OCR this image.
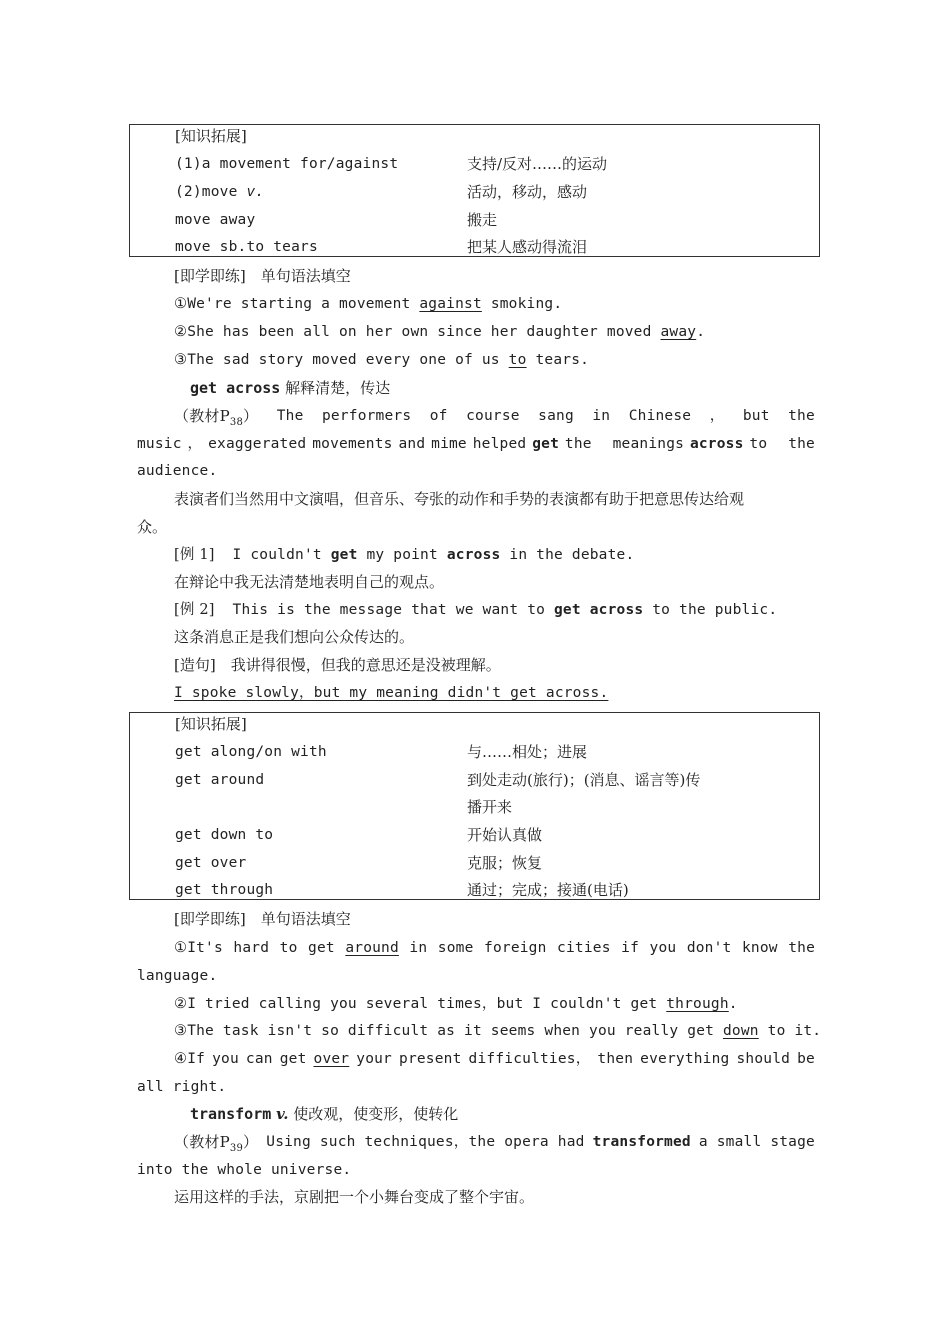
[知识拓展]
(1)a movement for/against	支持/反对……的运动
(2)move v.	活动，移动，感动
move away	搬走
move sb.to tears	把某人感动得流泪
[即学即练]　单句语法填空
①We're starting a movement against smoking.
②She has been all on her own since her daughter moved away.
③The sad story moved every one of us to tears.
get across 解释清楚，传达
（教材$P_{38}$） The performers of course sang in Chinese ， but the
music ， exaggerated movements and mime helped get the meanings across to the
audience.
表演者们当然用中文演唱，但音乐、夸张的动作和手势的表演都有助于把意思传达给观
众。
[例 1]  I couldn't get my point across in the debate.
在辩论中我无法清楚地表明自己的观点。
[例 2]  This is the message that we want to get across to the public.
这条消息正是我们想向公众传达的。
[造句]　我讲得很慢，但我的意思还是没被理解。
I spoke slowly，but my meaning didn't get across.
[知识拓展]
get along/on with	与……相处；进展
get around	到处走动(旅行)；(消息、谣言等)传
播开来
get down to	开始认真做
get over	克服；恢复
get through	通过；完成；接通(电话)
[即学即练]　单句语法填空
①It's hard to get around in some foreign cities if you don't know the
language.
②I tried calling you several times，but I couldn't get through.
③The task isn't so difficult as it seems when you really get down to it.
④If you can get over your present difficulties， then everything should be
all right.
transform v. 使改观，使变形，使转化
（教材$P_{39}$） Using such techniques，the opera had transformed a small stage
into the whole universe.
运用这样的手法，京剧把一个小舞台变成了整个宇宙。
